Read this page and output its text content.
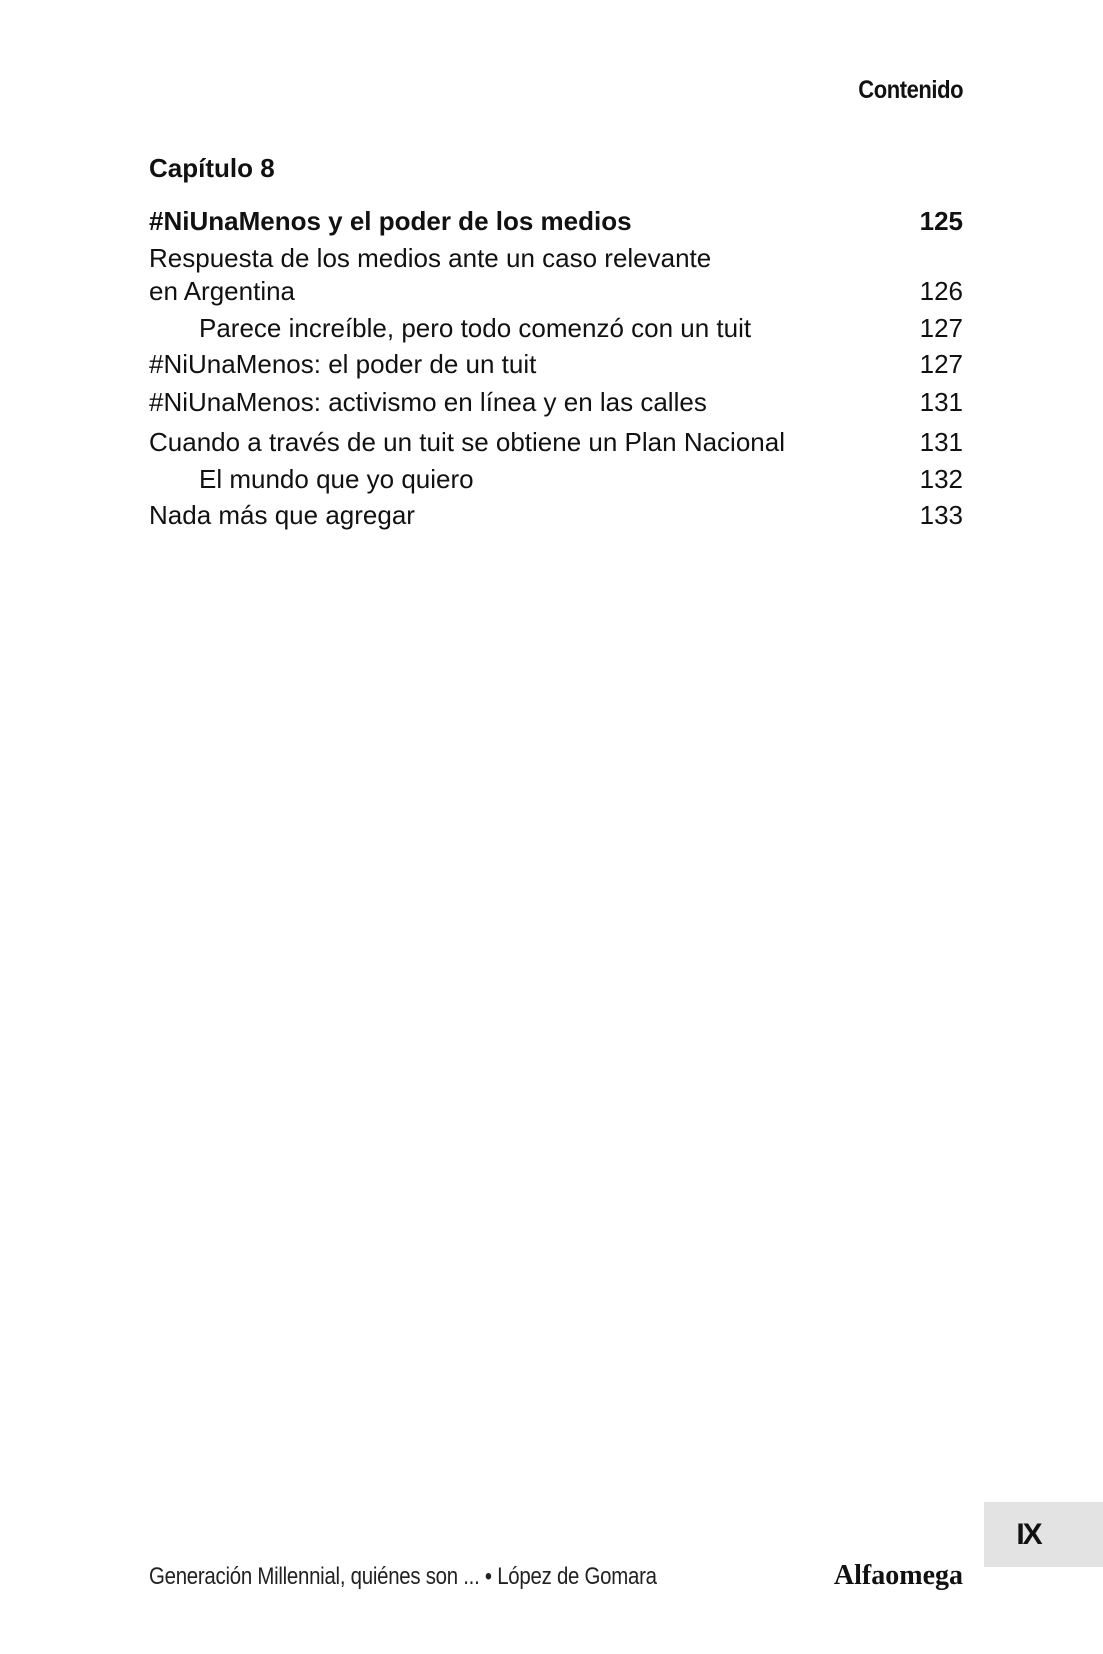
Contenido
Capítulo 8
#NiUnaMenos y el poder de los medios	125
Respuesta de los medios ante un caso relevante
en Argentina	126
Parece increíble, pero todo comenzó con un tuit	127
#NiUnaMenos: el poder de un tuit	127
#NiUnaMenos: activismo en línea y en las calles	131
Cuando a través de un tuit se obtiene un Plan Nacional	131
El mundo que yo quiero	132
Nada más que agregar	133
IX
Generación Millennial, quiénes son ... • López de Gomara	Alfaomega
